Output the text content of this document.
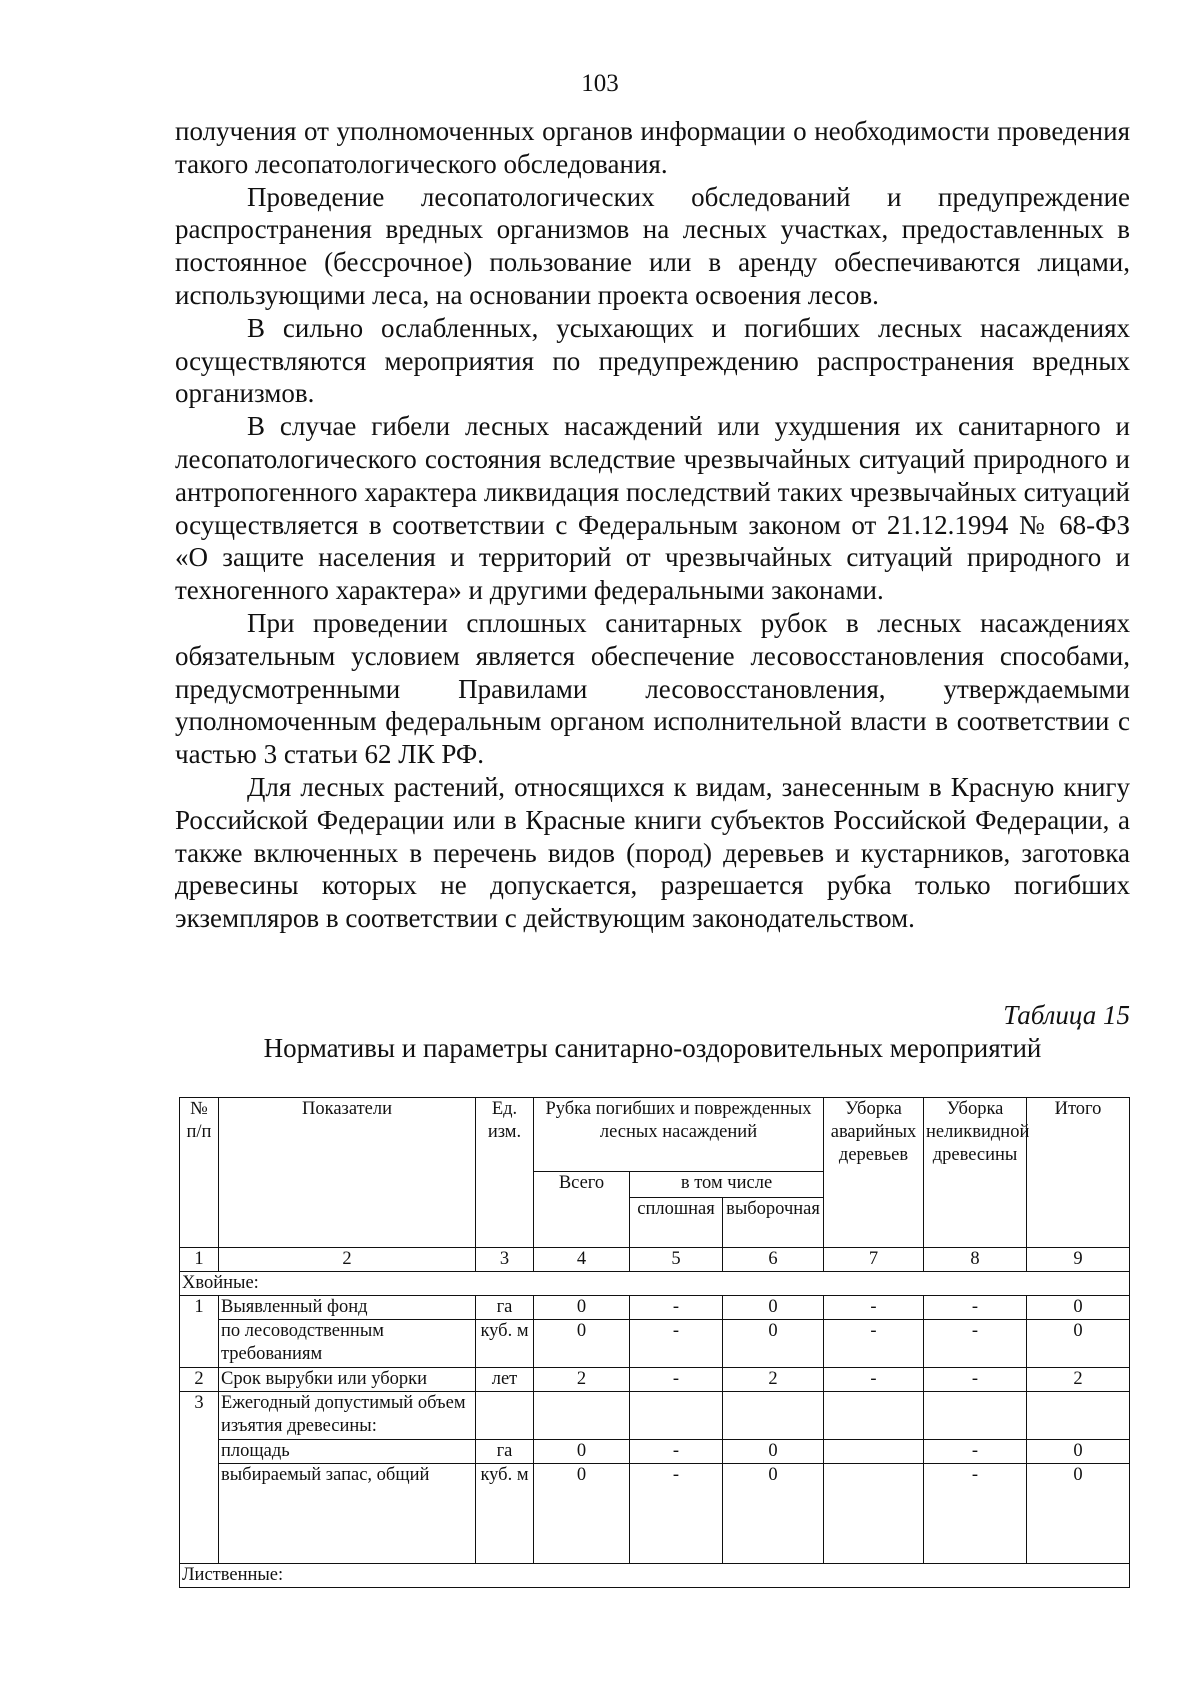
103

получения от уполномоченных органов информации о необходимости проведения такого лесопатологического обследования.

Проведение лесопатологических обследований и предупреждение распространения вредных организмов на лесных участках, предоставленных в постоянное (бессрочное) пользование или в аренду обеспечиваются лицами, использующими леса, на основании проекта освоения лесов.

В сильно ослабленных, усыхающих и погибших лесных насаждениях осуществляются мероприятия по предупреждению распространения вредных организмов.

В случае гибели лесных насаждений или ухудшения их санитарного и лесопатологического состояния вследствие чрезвычайных ситуаций природного и антропогенного характера ликвидация последствий таких чрезвычайных ситуаций осуществляется в соответствии с Федеральным законом от 21.12.1994 № 68-ФЗ «О защите населения и территорий от чрезвычайных ситуаций природного и техногенного характера» и другими федеральными законами.

При проведении сплошных санитарных рубок в лесных насаждениях обязательным условием является обеспечение лесовосстановления способами, предусмотренными Правилами лесовосстановления, утверждаемыми уполномоченным федеральным органом исполнительной власти в соответствии с частью 3 статьи 62 ЛК РФ.

Для лесных растений, относящихся к видам, занесенным в Красную книгу Российской Федерации или в Красные книги субъектов Российской Федерации, а также включенных в перечень видов (пород) деревьев и кустарников, заготовка древесины которых не допускается, разрешается рубка только погибших экземпляров в соответствии с действующим законодательством.

Таблица 15
Нормативы и параметры санитарно-оздоровительных мероприятий
№ п/п	Показатели	Ед. изм.	Рубка погибших и поврежденных лесных насаждений			Уборка аварийных деревьев	Уборка неликвидной древесины	Итого
			Всего	в том числе				
				сплошная	выборочная			
1	2	3	4	5	6	7	8	9
Хвойные:								
1	Выявленный фонд	га	0	-	0	-	-	0
	по лесоводственным требованиям	куб. м	0	-	0	-	-	0
2	Срок вырубки или уборки	лет	2	-	2	-	-	2
3	Ежегодный допустимый объем изъятия древесины:							
	площадь	га	0	-	0		-	0
	выбираемый запас, общий	куб. м	0	-	0		-	0
Лиственные:								
